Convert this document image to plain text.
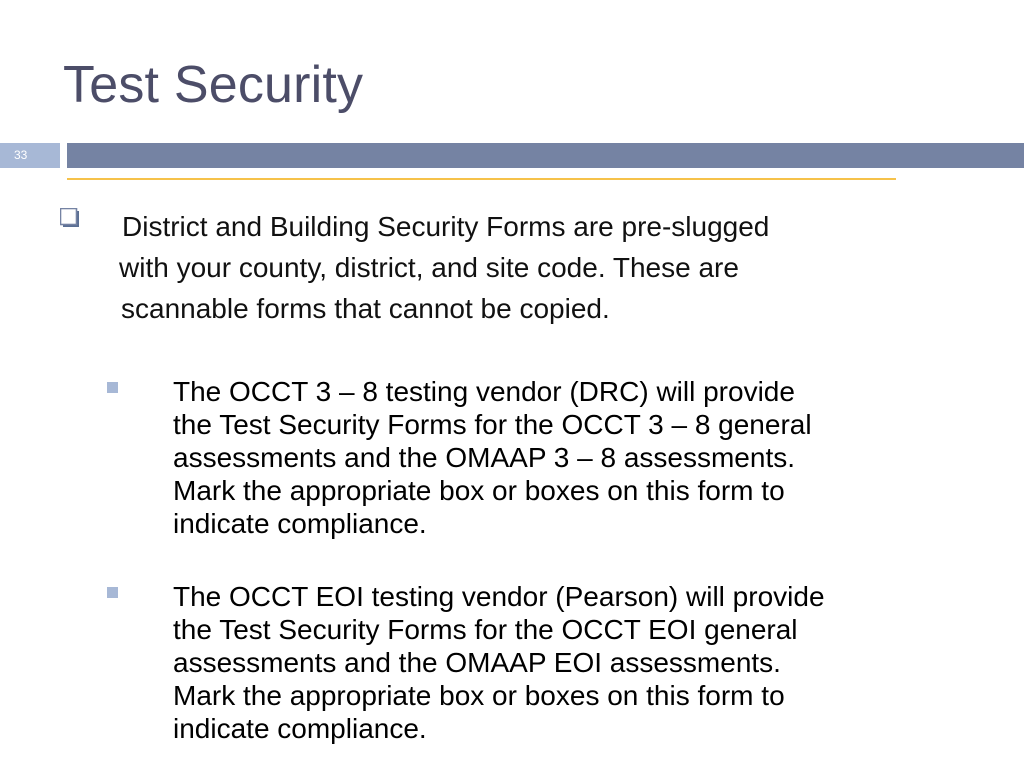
Test Security
33
District and Building Security Forms are pre-slugged
with your county, district, and site code. These are
scannable forms that cannot be copied.
The OCCT 3 – 8 testing vendor (DRC) will provide
the Test Security Forms for the OCCT 3 – 8 general
assessments and the OMAAP 3 – 8 assessments.
Mark the appropriate box or boxes on this form to
indicate compliance.
The OCCT EOI testing vendor (Pearson) will provide
the Test Security Forms for the OCCT EOI general
assessments and the OMAAP EOI assessments.
Mark the appropriate box or boxes on this form to
indicate compliance.
